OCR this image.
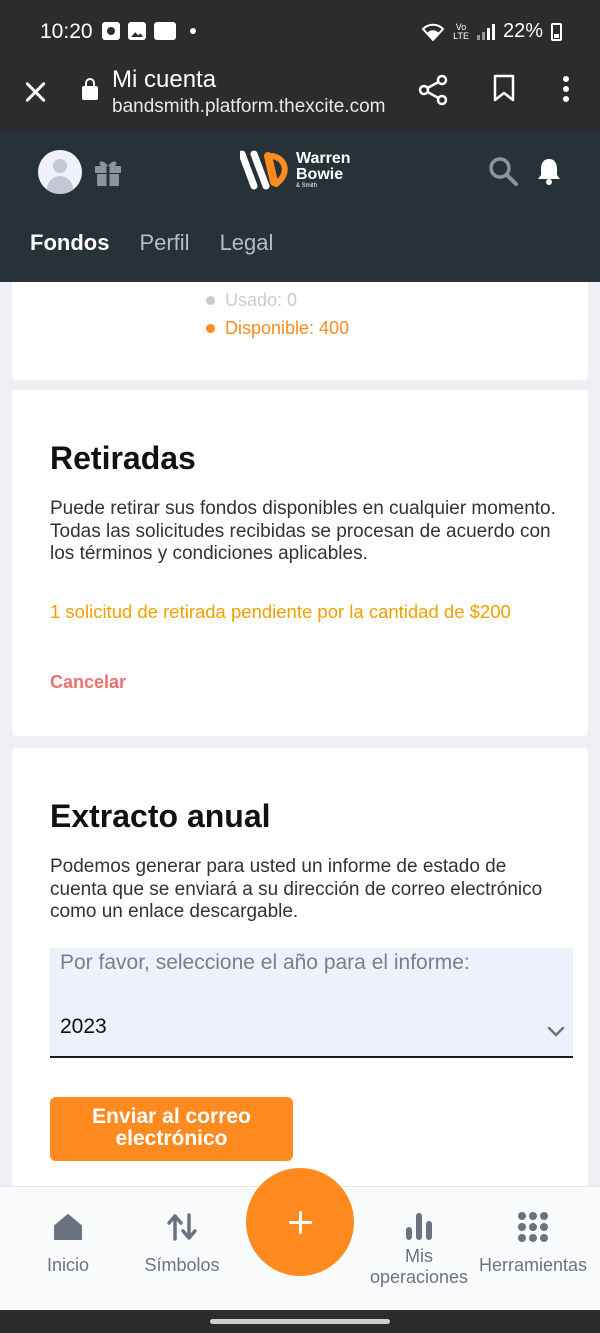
10:20	Vo
LTE 22%
Mi cuenta
bandsmith.platform.thexcite.com
Warren
Bowie
& Smith
Fondos Perfil Legal
Usado: 0
Disponible: 400
Retiradas
Puede retirar sus fondos disponibles en cualquier momento. Todas las solicitudes recibidas se procesan de acuerdo con los términos y condiciones aplicables.
1 solicitud de retirada pendiente por la cantidad de $200
Cancelar
Extracto anual
Podemos generar para usted un informe de estado de cuenta que se enviará a su dirección de correo electrónico como un enlace descargable.
Por favor, seleccione el año para el informe:
2023
Enviar al correo electrónico
Inicio	Símbolos	Mis operaciones
Herramientas
